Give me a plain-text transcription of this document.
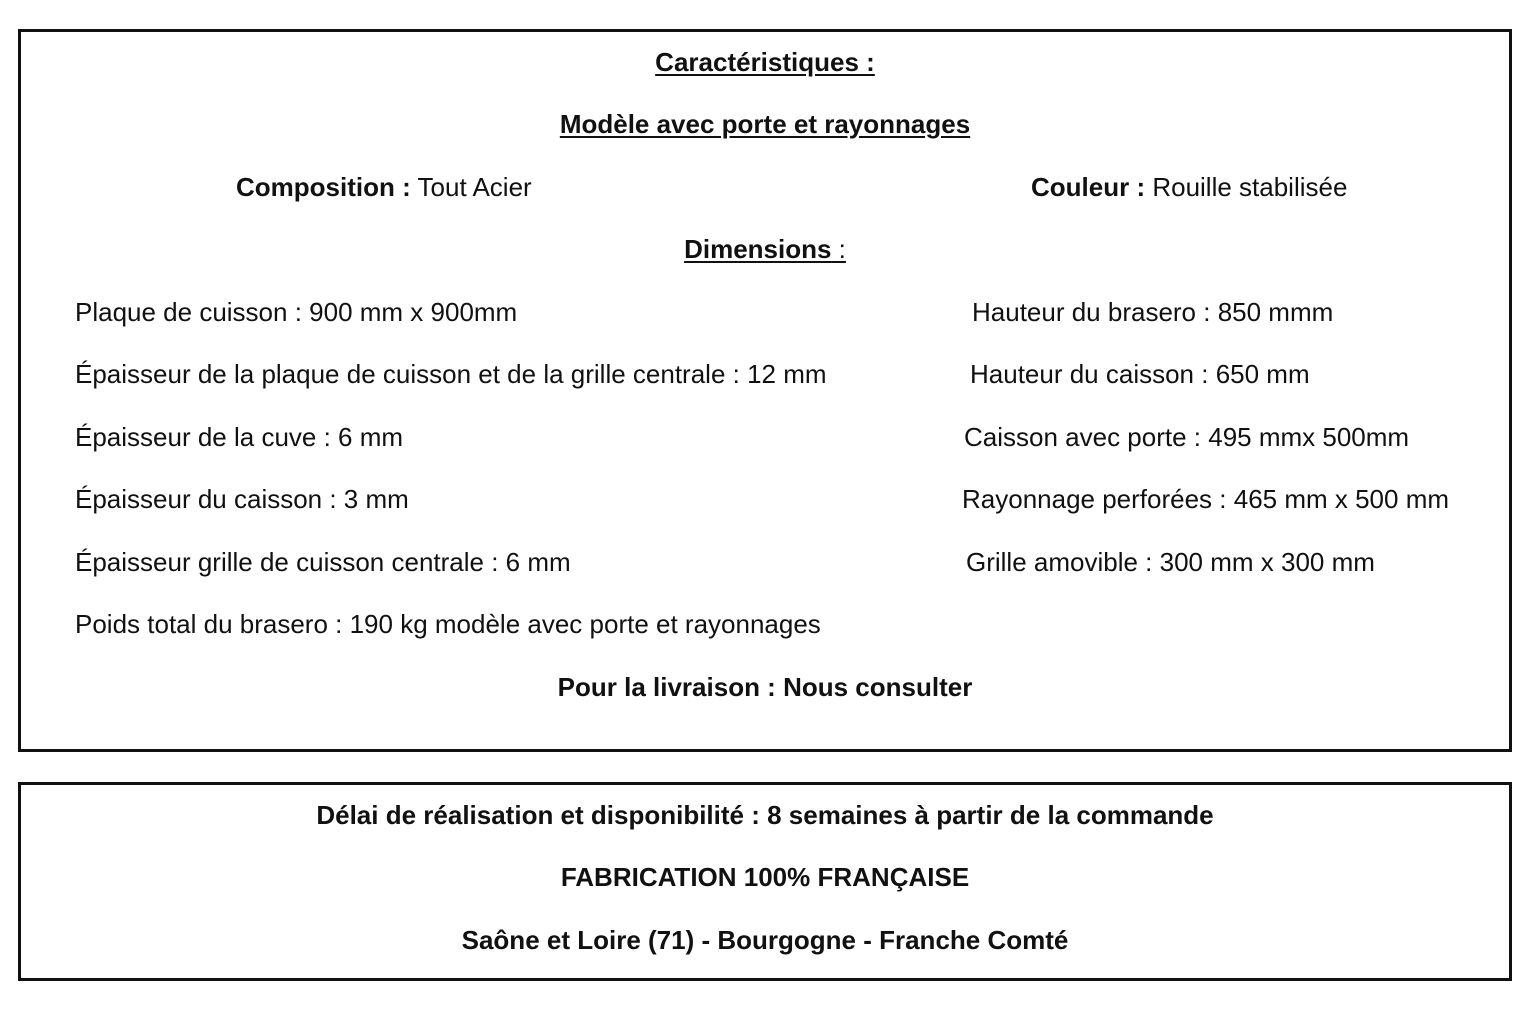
Caractéristiques :
Modèle avec porte et rayonnages
Composition : Tout Acier	Couleur : Rouille stabilisée
Dimensions :
Plaque de cuisson : 900 mm x 900mm
Épaisseur de la plaque de cuisson et de la grille centrale : 12 mm
Épaisseur de la cuve : 6 mm
Épaisseur du caisson : 3 mm
Épaisseur grille de cuisson centrale : 6 mm
Poids total du brasero : 190 kg modèle avec porte et rayonnages
Hauteur du brasero : 850 mmm
Hauteur du caisson : 650 mm
Caisson avec porte : 495 mmx 500mm
Rayonnage perforées : 465 mm x 500 mm
Grille amovible : 300 mm x 300 mm
Pour la livraison : Nous consulter
Délai de réalisation et disponibilité : 8 semaines à partir de la commande
FABRICATION 100% FRANÇAISE
Saône et Loire (71) - Bourgogne - Franche Comté
